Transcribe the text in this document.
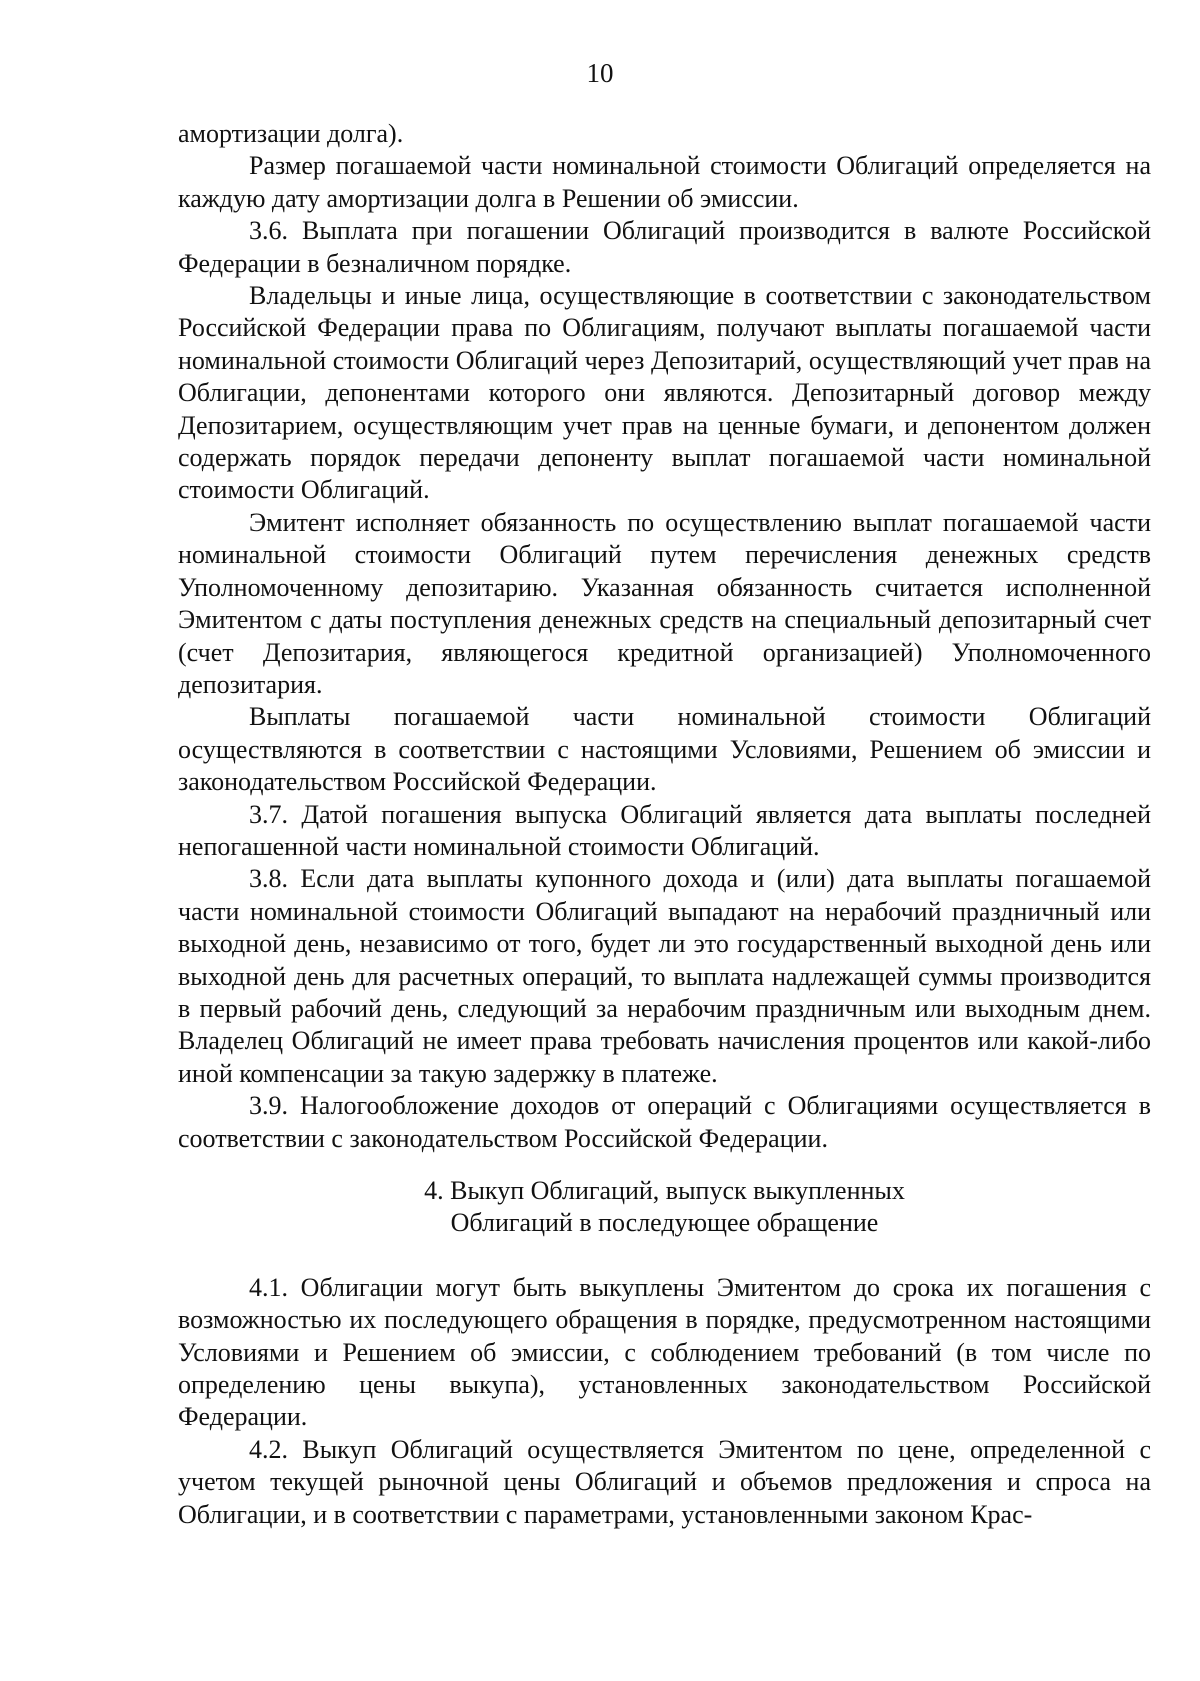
10

амортизации долга).

Размер погашаемой части номинальной стоимости Облигаций определяется на каждую дату амортизации долга в Решении об эмиссии.

3.6. Выплата при погашении Облигаций производится в валюте Российской Федерации в безналичном порядке.

Владельцы и иные лица, осуществляющие в соответствии с законодательством Российской Федерации права по Облигациям, получают выплаты погашаемой части номинальной стоимости Облигаций через Депозитарий, осуществляющий учет прав на Облигации, депонентами которого они являются. Депозитарный договор между Депозитарием, осуществляющим учет прав на ценные бумаги, и депонентом должен содержать порядок передачи депоненту выплат погашаемой части номинальной стоимости Облигаций.

Эмитент исполняет обязанность по осуществлению выплат погашаемой части номинальной стоимости Облигаций путем перечисления денежных средств Уполномоченному депозитарию. Указанная обязанность считается исполненной Эмитентом с даты поступления денежных средств на специальный депозитарный счет (счет Депозитария, являющегося кредитной организацией) Уполномоченного депозитария.

Выплаты погашаемой части номинальной стоимости Облигаций осуществляются в соответствии с настоящими Условиями, Решением об эмиссии и законодательством Российской Федерации.

3.7. Датой погашения выпуска Облигаций является дата выплаты последней непогашенной части номинальной стоимости Облигаций.

3.8. Если дата выплаты купонного дохода и (или) дата выплаты погашаемой части номинальной стоимости Облигаций выпадают на нерабочий праздничный или выходной день, независимо от того, будет ли это государственный выходной день или выходной день для расчетных операций, то выплата надлежащей суммы производится в первый рабочий день, следующий за нерабочим праздничным или выходным днем. Владелец Облигаций не имеет права требовать начисления процентов или какой-либо иной компенсации за такую задержку в платеже.

3.9. Налогообложение доходов от операций с Облигациями осуществляется в соответствии с законодательством Российской Федерации.

4. Выкуп Облигаций, выпуск выкупленных
Облигаций в последующее обращение

4.1. Облигации могут быть выкуплены Эмитентом до срока их погашения с возможностью их последующего обращения в порядке, предусмотренном настоящими Условиями и Решением об эмиссии, с соблюдением требований (в том числе по определению цены выкупа), установленных законодательством Российской Федерации.

4.2. Выкуп Облигаций осуществляется Эмитентом по цене, определенной с учетом текущей рыночной цены Облигаций и объемов предложения и спроса на Облигации, и в соответствии с параметрами, установленными законом Крас-
